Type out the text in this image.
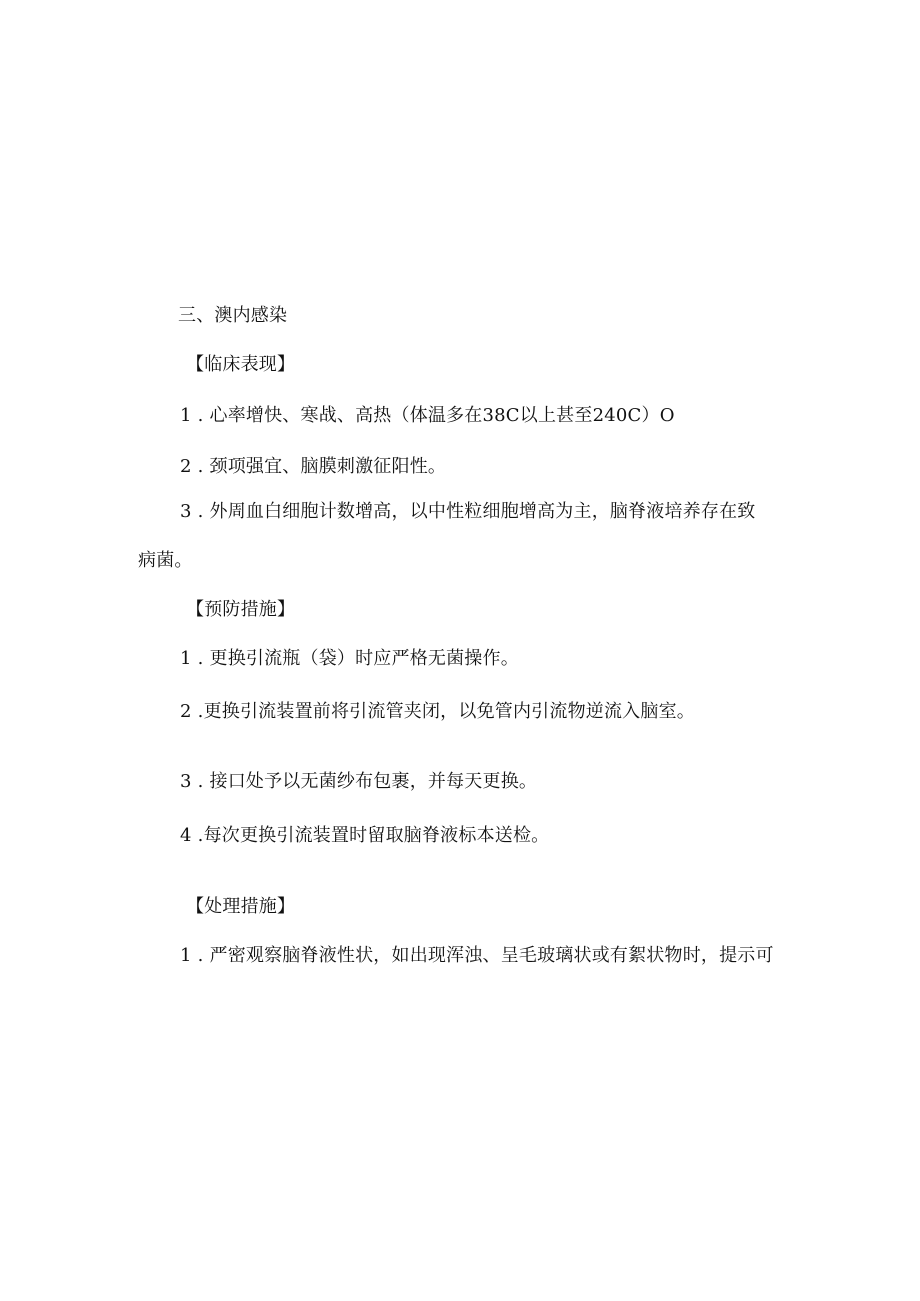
三、澳内感染
【临床表现】
1 . 心率增快、寒战、高热（体温多在38C以上甚至240C）O
2 . 颈项强宜、脑膜刺激征阳性。
3 . 外周血白细胞计数增高，以中性粒细胞增高为主，脑脊液培养存在致
病菌。
【预防措施】
1 . 更换引流瓶（袋）时应严格无菌操作。
2 .更换引流装置前将引流管夹闭，以免管内引流物逆流入脑室。
3 . 接口处予以无菌纱布包裹，并每天更换。
4 .每次更换引流装置时留取脑脊液标本送检。
【处理措施】
1 . 严密观察脑脊液性状，如出现浑浊、呈毛玻璃状或有絮状物时，提示可
